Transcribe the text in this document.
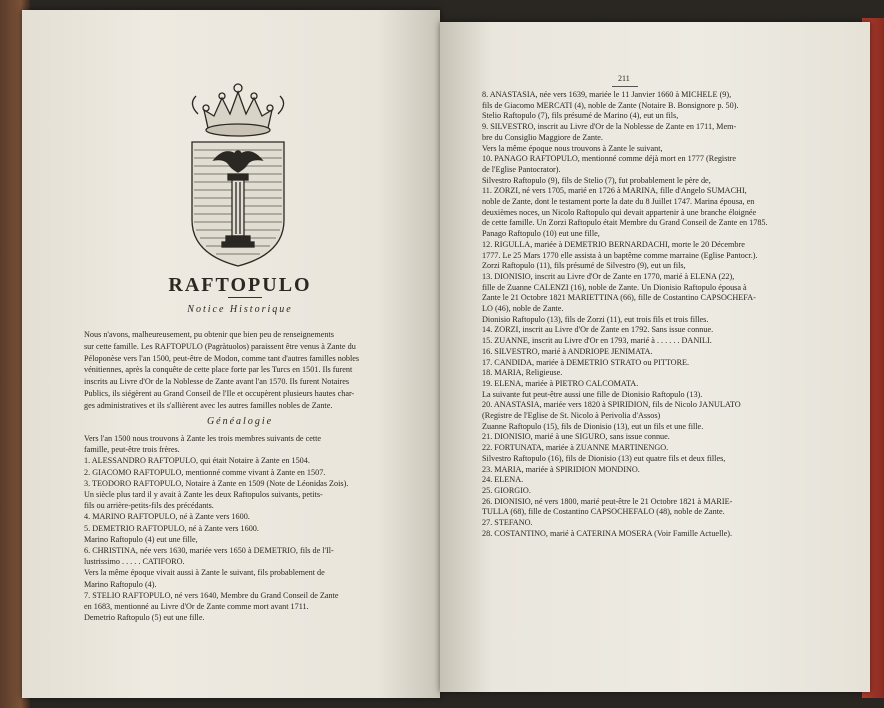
RAFTOPULO
Notice Historique
Nous n'avons, malheureusement, pu obtenir que bien peu de renseignements
sur cette famille. Les RAFTOPULO (Pagràtuolos) paraissent être venus à Zante du
Péloponèse vers l'an 1500, peut-être de Modon, comme tant d'autres familles nobles
vénitiennes, après la conquête de cette place forte par les Turcs en 1501. Ils furent
inscrits au Livre d'Or de la Noblesse de Zante avant l'an 1570. Ils furent Notaires
Publics, ils siégèrent au Grand Conseil de l'Ile et occupèrent plusieurs hautes char-
ges administratives et ils s'allièrent avec les autres familles nobles de Zante.
Généalogie
Vers l'an 1500 nous trouvons à Zante les trois membres suivants de cette
famille, peut-être trois frères.
1. ALESSANDRO RAFTOPULO, qui était Notaire à Zante en 1504.
2. GIACOMO RAFTOPULO, mentionné comme vivant à Zante en 1507.
3. TEODORO RAFTOPULO, Notaire à Zante en 1509 (Note de Léonidas Zois).
Un siècle plus tard il y avait à Zante les deux Raftopulos suivants, petits-
fils ou arrière-petits-fils des précédants.
4. MARINO RAFTOPULO, né à Zante vers 1600.
5. DEMETRIO RAFTOPULO, né à Zante vers 1600.
Marino Raftopulo (4) eut une fille,
6. CHRISTINA, née vers 1630, mariée vers 1650 à DEMETRIO, fils de l'Il-
lustrissimo . . . . . CATIFORO.
Vers la même époque vivait aussi à Zante le suivant, fils probablement de
Marino Raftopulo (4).
7. STELIO RAFTOPULO, né vers 1640, Membre du Grand Conseil de Zante
en 1683, mentionné au Livre d'Or de Zante comme mort avant 1711.
Demetrio Raftopulo (5) eut une fille.
211
8. ANASTASIA, née vers 1639, mariée le 11 Janvier 1660 à MICHELE (9),
fils de Giacomo MERCATI (4), noble de Zante (Notaire B. Bonsignore p. 50).
Stelio Raftopulo (7), fils présumé de Marino (4), eut un fils,
9. SILVESTRO, inscrit au Livre d'Or de la Noblesse de Zante en 1711, Mem-
bre du Consiglio Maggiore de Zante.
Vers la même époque nous trouvons à Zante le suivant,
10. PANAGO RAFTOPULO, mentionné comme déjà mort en 1777 (Registre
de l'Eglise Pantocrator).
Silvestro Raftopulo (9), fils de Stelio (7), fut probablement le père de,
11. ZORZI, né vers 1705, marié en 1726 à MARINA, fille d'Angelo SUMACHI,
noble de Zante, dont le testament porte la date du 8 Juillet 1747. Marina épousa, en
deuxièmes noces, un Nicolo Raftopulo qui devait appartenir à une branche éloignée
de cette famille. Un Zorzi Raftopulo était Membre du Grand Conseil de Zante en 1785.
Panago Raftopulo (10) eut une fille,
12. RIGULLA, mariée à DEMETRIO BERNARDACHI, morte le 20 Décembre
1777. Le 25 Mars 1770 elle assista à un baptême comme marraine (Eglise Pantocr.).
Zorzi Raftopulo (11), fils présumé de Silvestro (9), eut un fils,
13. DIONISIO, inscrit au Livre d'Or de Zante en 1770, marié à ELENA (22),
fille de Zuanne CALENZI (16), noble de Zante. Un Dionisio Raftopulo épousa à
Zante le 21 Octobre 1821 MARIETTINA (66), fille de Costantino CAPSOCHEFA-
LO (46), noble de Zante.
Dionisio Raftopulo (13), fils de Zorzi (11), eut trois fils et trois filles.
14. ZORZI, inscrit au Livre d'Or de Zante en 1792. Sans issue connue.
15. ZUANNE, inscrit au Livre d'Or en 1793, marié à . . . . . . DANILI.
16. SILVESTRO, marié à ANDRIOPE JENIMATA.
17. CANDIDA, mariée à DEMETRIO STRATO ou PITTORE.
18. MARIA, Religieuse.
19. ELENA, mariée à PIETRO CALCOMATA.
La suivante fut peut-être aussi une fille de Dionisio Raftopulo (13).
20. ANASTASIA, mariée vers 1820 à SPIRIDION, fils de Nicolo JANULATO
(Registre de l'Eglise de St. Nicolo à Perivolia d'Assos)
Zuanne Raftopulo (15), fils de Dionisio (13), eut un fils et une fille.
21. DIONISIO, marié à une SIGURO, sans issue connue.
22. FORTUNATA, mariée à ZUANNE MARTINENGO.
Silvestro Raftopulo (16), fils de Dionisio (13) eut quatre fils et deux filles,
23. MARIA, mariée à SPIRIDION MONDINO.
24. ELENA.
25. GIORGIO.
26. DIONISIO, né vers 1800, marié peut-être le 21 Octobre 1821 à MARIE-
TULLA (68), fille de Costantino CAPSOCHEFALO (48), noble de Zante.
27. STEFANO.
28. COSTANTINO, marié à CATERINA MOSERA (Voir Famille Actuelle).
